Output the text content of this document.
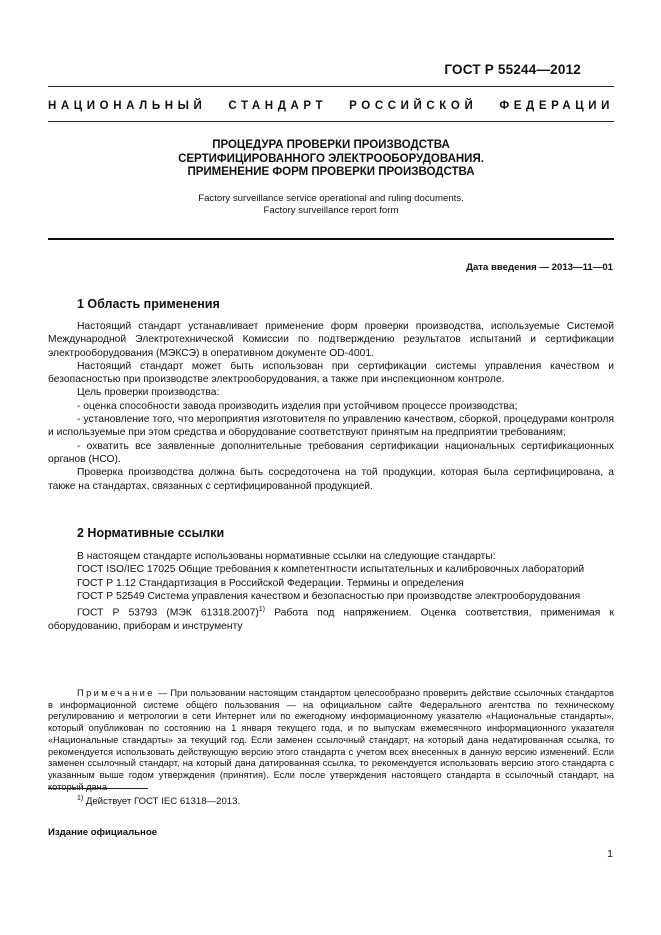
ГОСТ Р 55244—2012
НАЦИОНАЛЬНЫЙ СТАНДАРТ РОССИЙСКОЙ ФЕДЕРАЦИИ
ПРОЦЕДУРА ПРОВЕРКИ ПРОИЗВОДСТВА
СЕРТИФИЦИРОВАННОГО ЭЛЕКТРООБОРУДОВАНИЯ.
ПРИМЕНЕНИЕ ФОРМ ПРОВЕРКИ ПРОИЗВОДСТВА
Factory surveillance service operational and ruling documents.
Factory surveillance report form
Дата введения — 2013—11—01
1 Область применения

Настоящий стандарт устанавливает применение форм проверки производства, используемые Системой Международной Электротехнической Комиссии по подтверждению результатов испытаний и сертификации электрооборудования (МЭКСЭ) в оперативном документе OD-4001.

Настоящий стандарт может быть использован при сертификации системы управления качеством и безопасностью при производстве электрооборудования, а также при инспекционном контроле.

Цель проверки производства:

- оценка способности завода производить изделия при устойчивом процессе производства;

- установление того, что мероприятия изготовителя по управлению качеством, сборкой, процедурами контроля и используемые при этом средства и оборудование соответствуют принятым на предприятии требованиям;

- охватить все заявленные дополнительные требования сертификации национальных сертификационных органов (НСО).

Проверка производства должна быть сосредоточена на той продукции, которая была сертифицирована, а также на стандартах, связанных с сертифицированной продукцией.

2 Нормативные ссылки

В настоящем стандарте использованы нормативные ссылки на следующие стандарты:

ГОСТ ISO/IEC 17025 Общие требования к компетентности испытательных и калибровочных лабораторий

ГОСТ Р 1.12 Стандартизация в Российской Федерации. Термины и определения

ГОСТ Р 52549 Система управления качеством и безопасностью при производстве электрооборудования

ГОСТ Р 53793 (МЭК 61318.2007)$^{1)}$ Работа под напряжением. Оценка соответствия, применимая к оборудованию, приборам и инструменту

Примечание — При пользовании настоящим стандартом целесообразно проверить действие ссылочных стандартов в информационной системе общего пользования — на официальном сайте Федерального агентства по техническому регулированию и метрологии в сети Интернет или по ежегодному информационному указателю «Национальные стандарты», который опубликован по состоянию на 1 января текущего года, и по выпускам ежемесячного информационного указателя «Национальные стандарты» за текущий год. Если заменен ссылочный стандарт, на который дана недатированная ссылка, то рекомендуется использовать действующую версию этого стандарта с учетом всех внесенных в данную версию изменений. Если заменен ссылочный стандарт, на который дана датированная ссылка, то рекомендуется использовать версию этого стандарта с указанным выше годом утверждения (принятия). Если после утверждения настоящего стандарта в ссылочный стандарт, на который дана
$^{1)}$ Действует ГОСТ IEC 61318—2013.
Издание официальное
1
